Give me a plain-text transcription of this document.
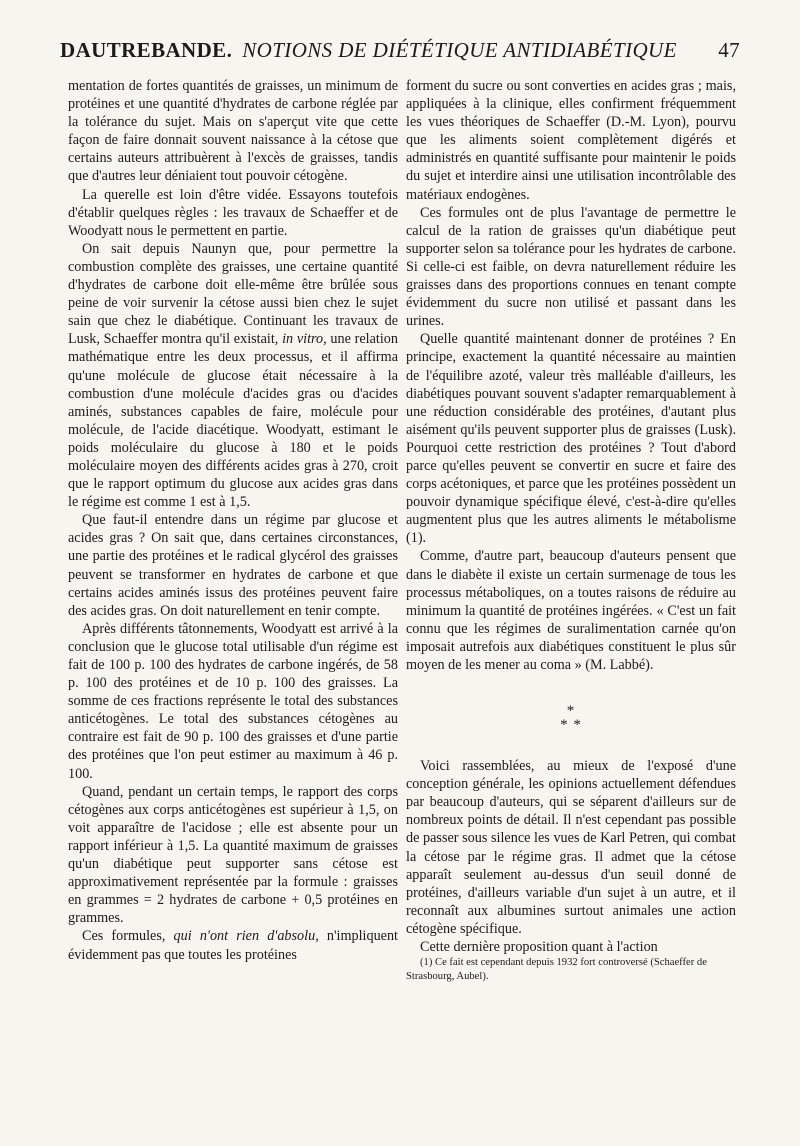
DAUTREBANDE. NOTIONS DE DIÉTÉTIQUE ANTIDIABÉTIQUE 47

mentation de fortes quantités de graisses, un minimum de protéines et une quantité d'hydrates de carbone réglée par la tolérance du sujet. Mais on s'aperçut vite que cette façon de faire donnait souvent naissance à la cétose que certains auteurs attribuèrent à l'excès de graisses, tandis que d'autres leur déniaient tout pouvoir cétogène.

La querelle est loin d'être vidée. Essayons toutefois d'établir quelques règles : les travaux de Schaeffer et de Woodyatt nous le permettent en partie.

On sait depuis Naunyn que, pour permettre la combustion complète des graisses, une certaine quantité d'hydrates de carbone doit elle-même être brûlée sous peine de voir survenir la cétose aussi bien chez le sujet sain que chez le diabétique. Continuant les travaux de Lusk, Schaeffer montra qu'il existait, in vitro, une relation mathématique entre les deux processus, et il affirma qu'une molécule de glucose était nécessaire à la combustion d'une molécule d'acides gras ou d'acides aminés, substances capables de faire, molécule pour molécule, de l'acide diacétique. Woodyatt, estimant le poids moléculaire du glucose à 180 et le poids moléculaire moyen des différents acides gras à 270, croit que le rapport optimum du glucose aux acides gras dans le régime est comme 1 est à 1,5.

Que faut-il entendre dans un régime par glucose et acides gras ? On sait que, dans certaines circonstances, une partie des protéines et le radical glycérol des graisses peuvent se transformer en hydrates de carbone et que certains acides aminés issus des protéines peuvent faire des acides gras. On doit naturellement en tenir compte.

Après différents tâtonnements, Woodyatt est arrivé à la conclusion que le glucose total utilisable d'un régime est fait de 100 p. 100 des hydrates de carbone ingérés, de 58 p. 100 des protéines et de 10 p. 100 des graisses. La somme de ces fractions représente le total des substances anticétogènes. Le total des substances cétogènes au contraire est fait de 90 p. 100 des graisses et d'une partie des protéines que l'on peut estimer au maximum à 46 p. 100.

Quand, pendant un certain temps, le rapport des corps cétogènes aux corps anticétogènes est supérieur à 1,5, on voit apparaître de l'acidose ; elle est absente pour un rapport inférieur à 1,5. La quantité maximum de graisses qu'un diabétique peut supporter sans cétose est approximativement représentée par la formule : graisses en grammes = 2 hydrates de carbone + 0,5 protéines en grammes.

Ces formules, qui n'ont rien d'absolu, n'impliquent évidemment pas que toutes les protéines

forment du sucre ou sont converties en acides gras ; mais, appliquées à la clinique, elles confirment fréquemment les vues théoriques de Schaeffer (D.-M. Lyon), pourvu que les aliments soient complètement digérés et administrés en quantité suffisante pour maintenir le poids du sujet et interdire ainsi une utilisation incontrôlable des matériaux endogènes.

Ces formules ont de plus l'avantage de permettre le calcul de la ration de graisses qu'un diabétique peut supporter selon sa tolérance pour les hydrates de carbone. Si celle-ci est faible, on devra naturellement réduire les graisses dans des proportions connues en tenant compte évidemment du sucre non utilisé et passant dans les urines.

Quelle quantité maintenant donner de protéines ? En principe, exactement la quantité nécessaire au maintien de l'équilibre azoté, valeur très malléable d'ailleurs, les diabétiques pouvant souvent s'adapter remarquablement à une réduction considérable des protéines, d'autant plus aisément qu'ils peuvent supporter plus de graisses (Lusk). Pourquoi cette restriction des protéines ? Tout d'abord parce qu'elles peuvent se convertir en sucre et faire des corps acétoniques, et parce que les protéines possèdent un pouvoir dynamique spécifique élevé, c'est-à-dire qu'elles augmentent plus que les autres aliments le métabolisme (1).

Comme, d'autre part, beaucoup d'auteurs pensent que dans le diabète il existe un certain surmenage de tous les processus métaboliques, on a toutes raisons de réduire au minimum la quantité de protéines ingérées. « C'est un fait connu que les régimes de suralimentation carnée qu'on imposait autrefois aux diabétiques constituent le plus sûr moyen de les mener au coma » (M. Labbé).

*
* *

Voici rassemblées, au mieux de l'exposé d'une conception générale, les opinions actuellement défendues par beaucoup d'auteurs, qui se séparent d'ailleurs sur de nombreux points de détail. Il n'est cependant pas possible de passer sous silence les vues de Karl Petren, qui combat la cétose par le régime gras. Il admet que la cétose apparaît seulement au-dessus d'un seuil donné de protéines, d'ailleurs variable d'un sujet à un autre, et il reconnaît aux albumines surtout animales une action cétogène spécifique.

Cette dernière proposition quant à l'action

(1) Ce fait est cependant depuis 1932 fort controversé (Schaeffer de Strasbourg, Aubel).
